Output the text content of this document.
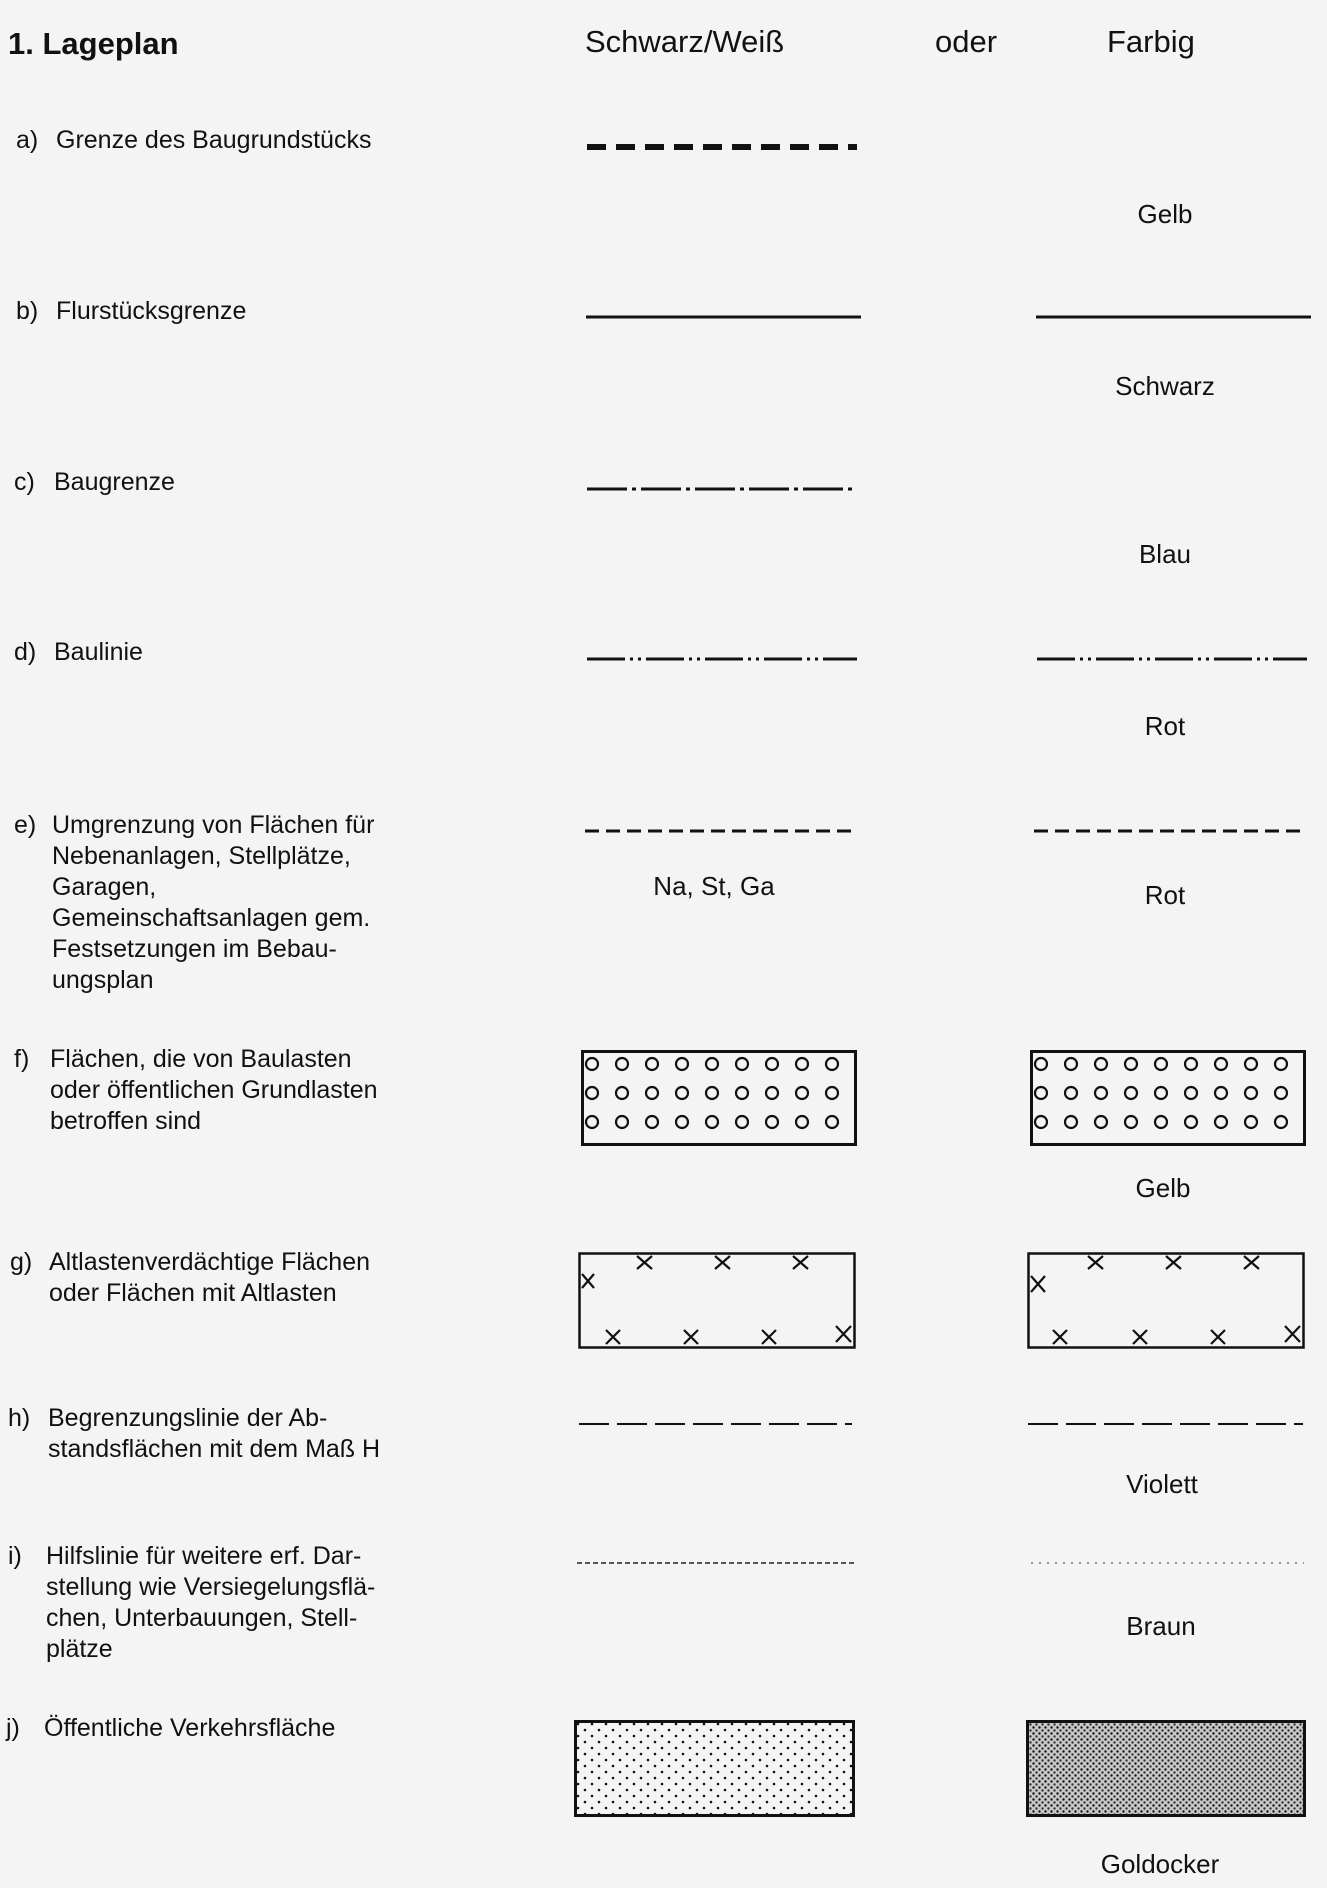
1. Lageplan	Schwarz/Weiß	oder	Farbig
a) Grenze des Baugrundstücks
Gelb
b) Flurstücksgrenze
Schwarz
c) Baugrenze
Blau
d) Baulinie
Rot
e) Umgrenzung von Flächen für
Nebenanlagen, Stellplätze,
Garagen,
Gemeinschaftsanlagen gem.
Festsetzungen im Bebau-
ungsplan
Na, St, Ga	Rot
f) Flächen, die von Baulasten
oder öffentlichen Grundlasten
betroffen sind
Gelb
g) Altlastenverdächtige Flächen
oder Flächen mit Altlasten
h) Begrenzungslinie der Ab-
standsflächen mit dem Maß H
Violett
i) Hilfslinie für weitere erf. Dar-
stellung wie Versiegelungsflä-
chen, Unterbauungen, Stell-
plätze
Braun
j) Öffentliche Verkehrsfläche
Goldocker
